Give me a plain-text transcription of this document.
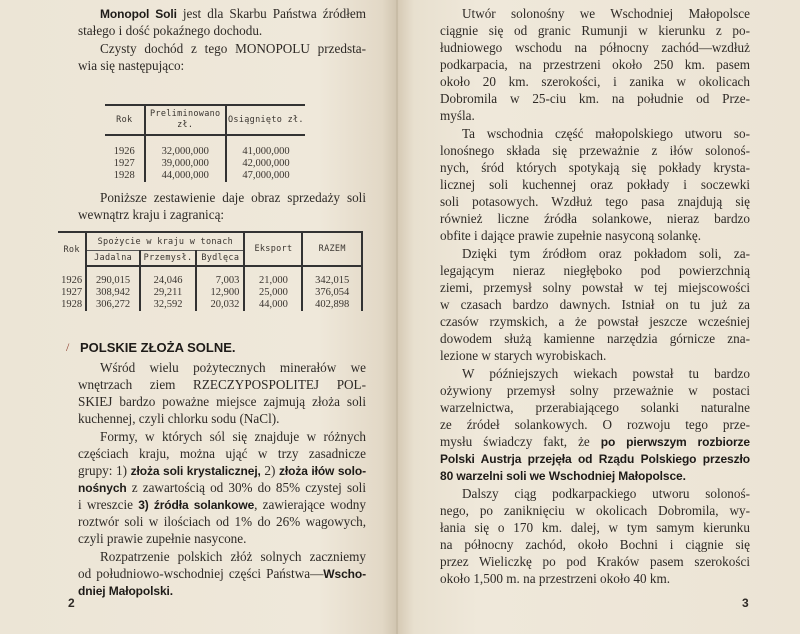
Monopol Soli jest dla Skarbu Państwa źródłem
stałego i dość pokaźnego dochodu.
Czysty dochód z tego MONOPOLU przedsta-
wia się następująco:
Rok	Preliminowano zł.	Osiągnięto zł.
1926	32,000,000	41,000,000
1927	39,000,000	42,000,000
1928	44,000,000	47,000,000
Poniższe zestawienie daje obraz sprzedaży soli
wewnątrz kraju i zagranicą:
Rok	Spożycie w kraju w tonach			Eksport	RAZEM
	Jadalna	Przemysł.	Bydlęca		
1926	290,015	24,046	7,003	21,000	342,015
1927	308,942	29,211	12,900	25,000	376,054
1928	306,272	32,592	20,032	44,000	402,898
/ POLSKIE ZŁOŻA SOLNE.
Wśród wielu pożytecznych minerałów we
wnętrzach ziem RZECZYPOSPOLITEJ POL-
SKIEJ bardzo poważne miejsce zajmują złoża soli
kuchennej, czyli chlorku sodu (NaCl).
Formy, w których sól się znajduje w różnych
częściach kraju, można ująć w trzy zasadnicze
grupy: 1) złoża soli krystalicznej, 2) złoża iłów solo-
nośnych z zawartością od 30% do 85% czystej soli
i wreszcie 3) źródła solankowe, zawierające wodny
roztwór soli w ilościach od 1% do 26% wagowych,
czyli prawie zupełnie nasycone.
Rozpatrzenie polskich złóż solnych zaczniemy
od południowo-wschodniej części Państwa—Wscho-
dniej Małopolski.
2
Utwór solonośny we Wschodniej Małopolsce
ciągnie się od granic Rumunji w kierunku z po-
łudniowego wschodu na północny zachód—wzdłuż
podkarpacia, na przestrzeni około 250 km. pasem
około 20 km. szerokości, i zanika w okolicach
Dobromila w 25-ciu km. na południe od Prze-
myśla.
Ta wschodnia część małopolskiego utworu so-
lonośnego składa się przeważnie z iłów solonoś-
nych, śród których spotykają się pokłady krysta-
licznej soli kuchennej oraz pokłady i soczewki
soli potasowych. Wzdłuż tego pasa znajdują się
również liczne źródła solankowe, nieraz bardzo
obfite i dające prawie zupełnie nasyconą solankę.
Dzięki tym źródłom oraz pokładom soli, za-
legającym nieraz niegłęboko pod powierzchnią
ziemi, przemysł solny powstał w tej miejscowości
w czasach bardzo dawnych. Istniał on tu już za
czasów rzymskich, a że powstał jeszcze wcześniej
dowodem służą kamienne narzędzia górnicze zna-
lezione w starych wyrobiskach.
W późniejszych wiekach powstał tu bardzo
ożywiony przemysł solny przeważnie w postaci
warzelnictwa, przerabiającego solanki naturalne
ze źródeł solankowych. O rozwoju tego prze-
mysłu świadczy fakt, że po pierwszym rozbiorze
Polski Austrja przejęła od Rządu Polskiego przeszło
80 warzelni soli we Wschodniej Małopolsce.
Dalszy ciąg podkarpackiego utworu solonoś-
nego, po zaniknięciu w okolicach Dobromila, wy-
łania się o 170 km. dalej, w tym samym kierunku
na północny zachód, około Bochni i ciągnie się
przez Wieliczkę po pod Kraków pasem szerokości
około 1,500 m. na przestrzeni około 40 km.
3
